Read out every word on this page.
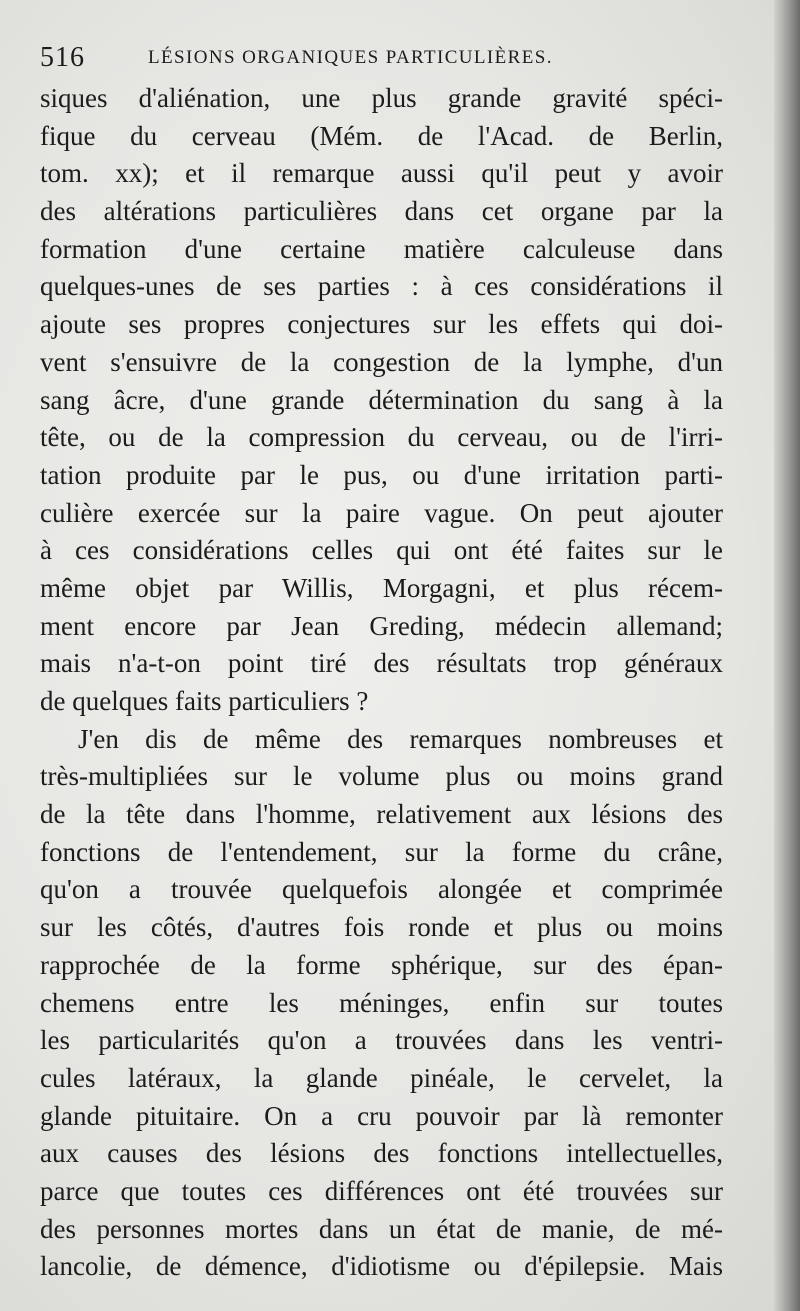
516	LÉSIONS ORGANIQUES PARTICULIÈRES.
siques d'aliénation, une plus grande gravité spéci-
fique du cerveau (Mém. de l'Acad. de Berlin,
tom. xx); et il remarque aussi qu'il peut y avoir
des altérations particulières dans cet organe par la
formation d'une certaine matière calculeuse dans
quelques-unes de ses parties : à ces considérations il
ajoute ses propres conjectures sur les effets qui doi-
vent s'ensuivre de la congestion de la lymphe, d'un
sang âcre, d'une grande détermination du sang à la
tête, ou de la compression du cerveau, ou de l'irri-
tation produite par le pus, ou d'une irritation parti-
culière exercée sur la paire vague. On peut ajouter
à ces considérations celles qui ont été faites sur le
même objet par Willis, Morgagni, et plus récem-
ment encore par Jean Greding, médecin allemand;
mais n'a-t-on point tiré des résultats trop généraux
de quelques faits particuliers ?
J'en dis de même des remarques nombreuses et
très-multipliées sur le volume plus ou moins grand
de la tête dans l'homme, relativement aux lésions des
fonctions de l'entendement, sur la forme du crâne,
qu'on a trouvée quelquefois alongée et comprimée
sur les côtés, d'autres fois ronde et plus ou moins
rapprochée de la forme sphérique, sur des épan-
chemens entre les méninges, enfin sur toutes
les particularités qu'on a trouvées dans les ventri-
cules latéraux, la glande pinéale, le cervelet, la
glande pituitaire. On a cru pouvoir par là remonter
aux causes des lésions des fonctions intellectuelles,
parce que toutes ces différences ont été trouvées sur
des personnes mortes dans un état de manie, de mé-
lancolie, de démence, d'idiotisme ou d'épilepsie. Mais
